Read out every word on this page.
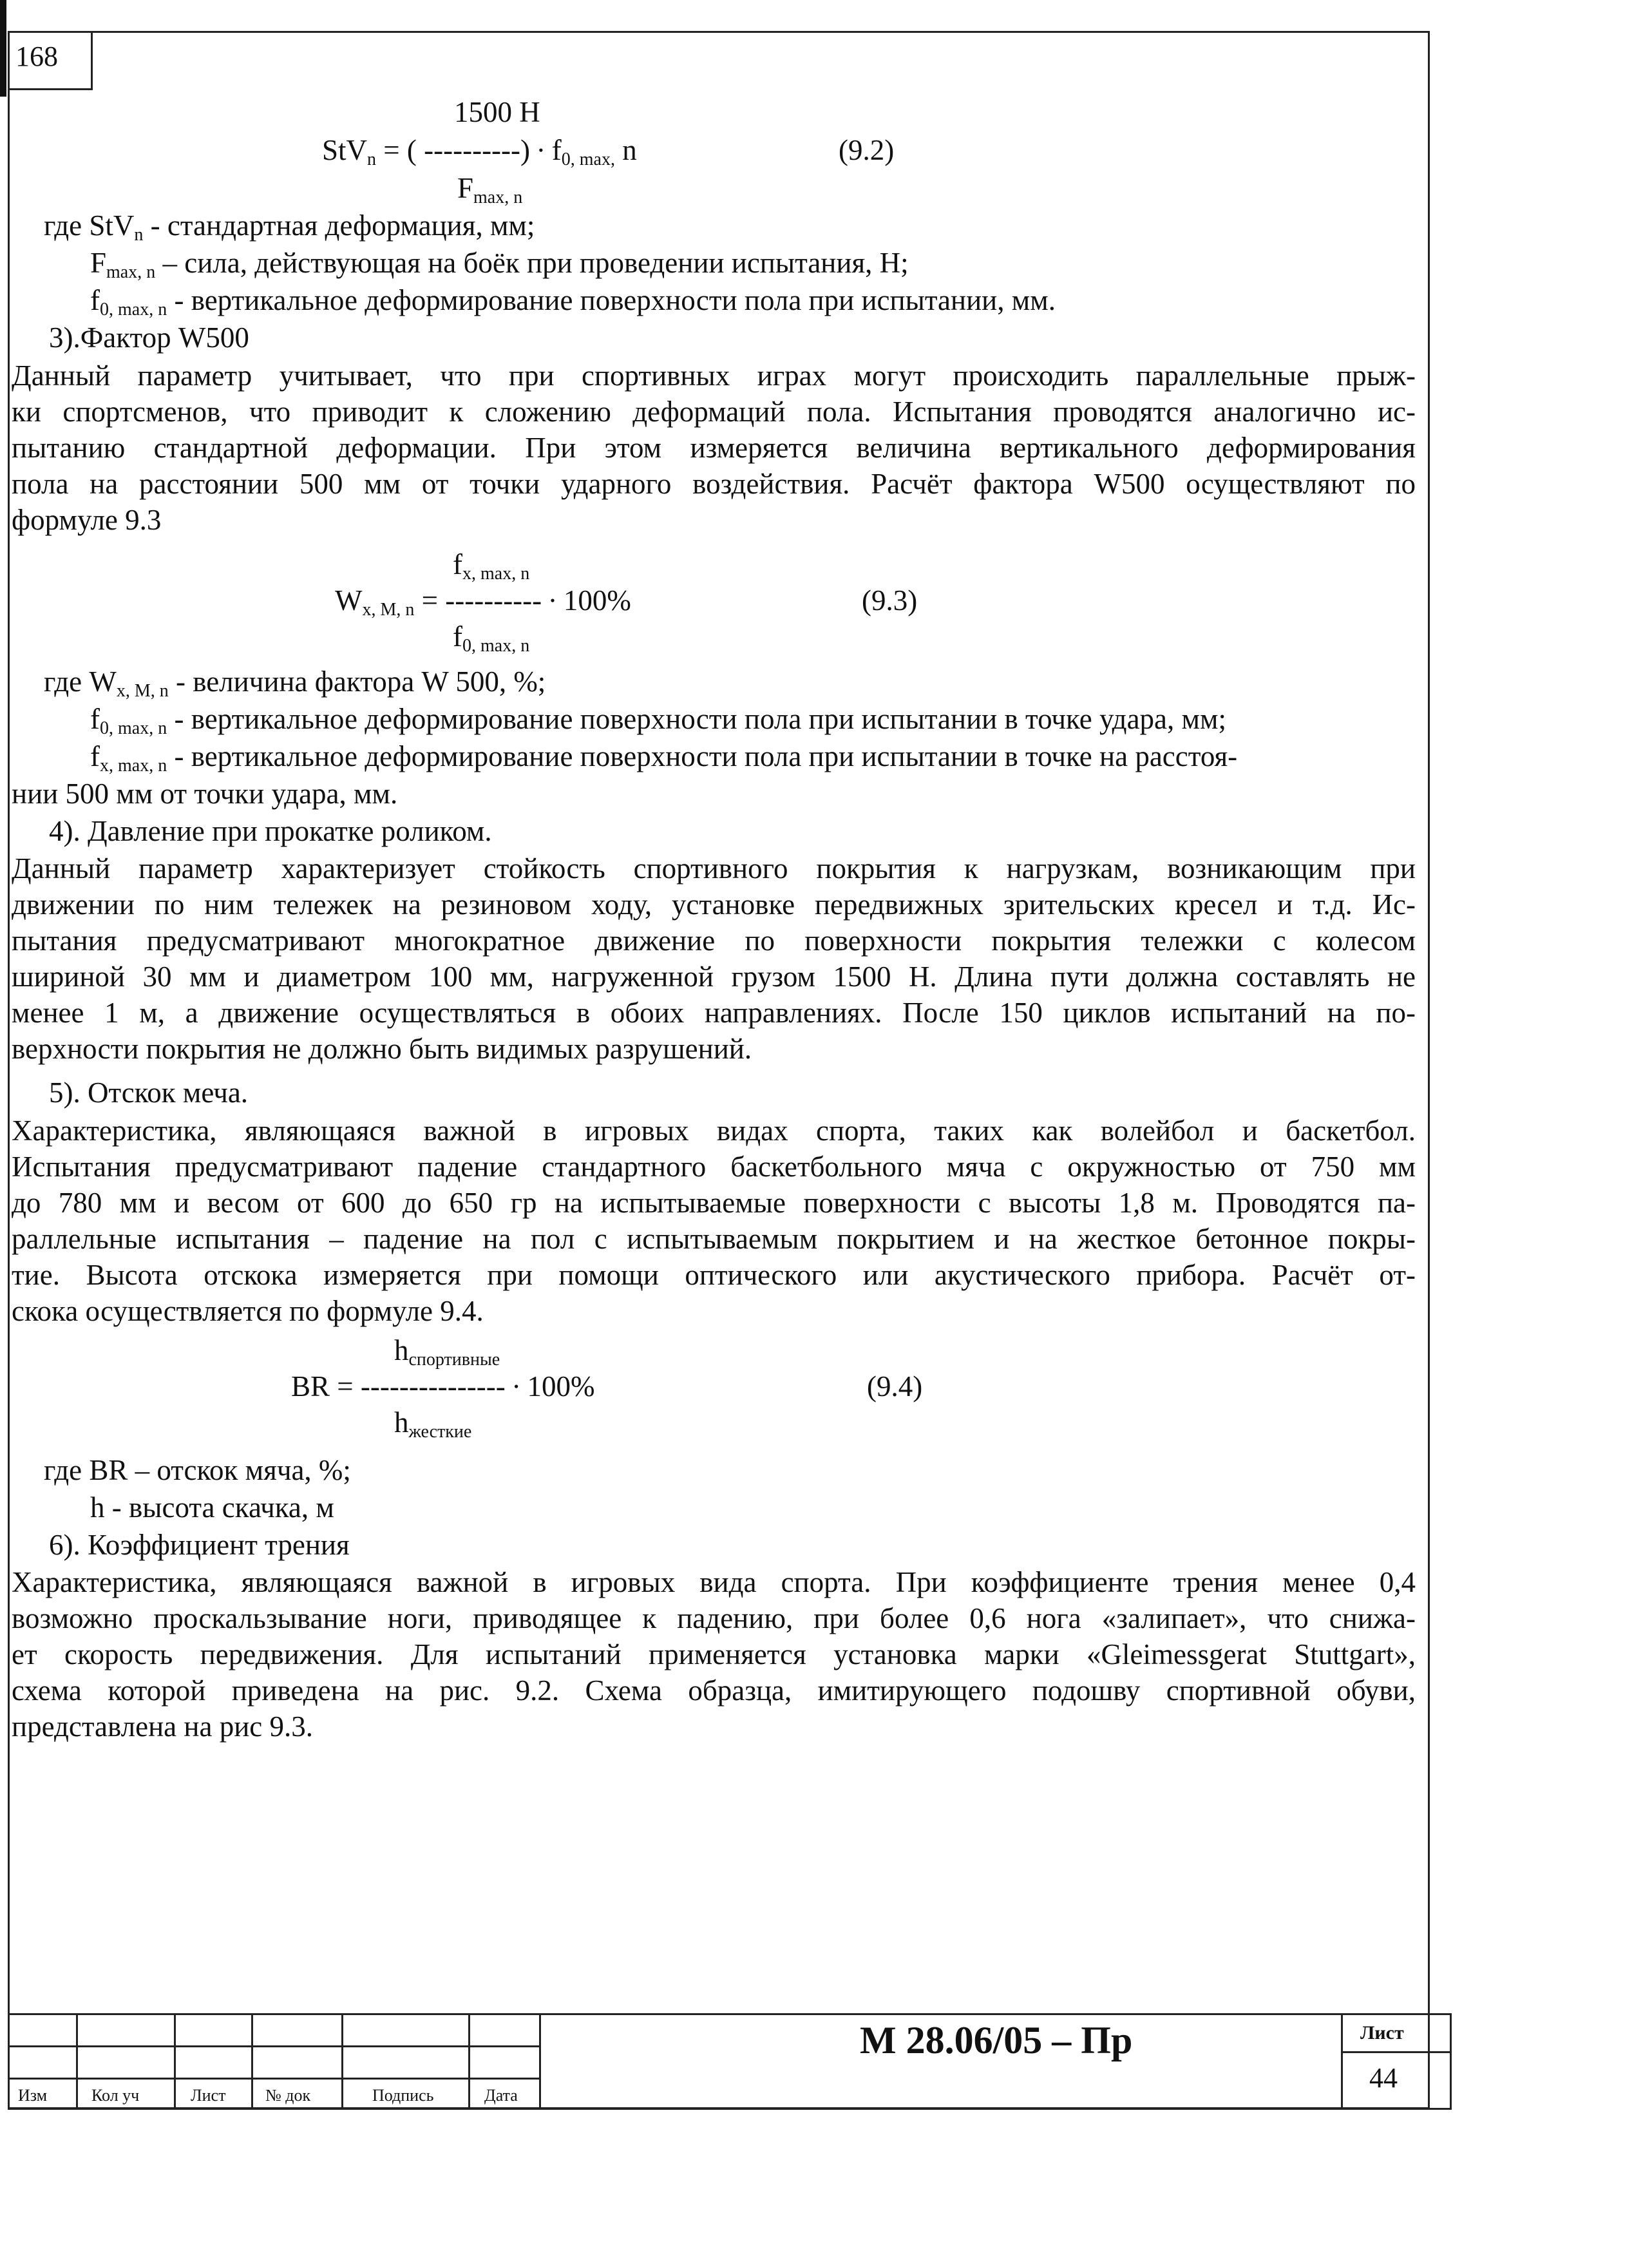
168
1500 H
StV$_n$ = ( ----------) ∙ $f_{0, max,}$ n	(9.2)
$F_{max, n}$
где StV$_n$ - стандартная деформация, мм;
$F_{max, n}$ – сила, действующая на боёк при проведении испытания, Н;
$f_{0, max, n}$ - вертикальное деформирование поверхности пола при испытании, мм.
3).Фактор W500
Данный параметр учитывает, что при спортивных играх могут происходить параллельные прыж-
ки спортсменов, что приводит к сложению деформаций пола. Испытания проводятся аналогично ис-
пытанию стандартной деформации. При этом измеряется величина вертикального деформирования
пола на расстоянии 500 мм от точки ударного воздействия. Расчёт фактора W500 осуществляют по
формуле 9.3
$f_{x, max, n}$
$W_{x, M, n}$ = ---------- ∙ 100%	(9.3)
$f_{0, max, n}$
где $W_{x, M, n}$ - величина фактора W 500, %;
$f_{0, max, n}$ - вертикальное деформирование поверхности пола при испытании в точке удара, мм;
$f_{x, max, n}$ - вертикальное деформирование поверхности пола при испытании в точке на расстоя-
нии 500 мм от точки удара, мм.
4). Давление при прокатке роликом.
Данный параметр характеризует стойкость спортивного покрытия к нагрузкам, возникающим при
движении по ним тележек на резиновом ходу, установке передвижных зрительских кресел и т.д. Ис-
пытания предусматривают многократное движение по поверхности покрытия тележки с колесом
шириной 30 мм и диаметром 100 мм, нагруженной грузом 1500 Н. Длина пути должна составлять не
менее 1 м, а движение осуществляться в обоих направлениях. После 150 циклов испытаний на по-
верхности покрытия не должно быть видимых разрушений.
5). Отскок меча.
Характеристика, являющаяся важной в игровых видах спорта, таких как волейбол и баскетбол.
Испытания предусматривают падение стандартного баскетбольного мяча с окружностью от 750 мм
до 780 мм и весом от 600 до 650 гр на испытываемые поверхности с высоты 1,8 м. Проводятся па-
раллельные испытания – падение на пол с испытываемым покрытием и на жесткое бетонное покры-
тие. Высота отскока измеряется при помощи оптического или акустического прибора. Расчёт от-
скока осуществляется по формуле 9.4.
$h_{спортивные}$
BR = --------------- ∙ 100%	(9.4)
$h_{жесткие}$
где BR – отскок мяча, %;
h - высота скачка, м
6). Коэффициент трения
Характеристика, являющаяся важной в игровых вида спорта. При коэффициенте трения менее 0,4
возможно проскальзывание ноги, приводящее к падению, при более 0,6 нога «залипает», что снижа-
ет скорость передвижения. Для испытаний применяется установка марки «Gleimessgerat Stuttgart»,
схема которой приведена на рис. 9.2. Схема образца, имитирующего подошву спортивной обуви,
представлена на рис 9.3.
Изм	Кол уч	Лист № док	Подпись	Дата
М 28.06/05 – Пр	Лист
44
